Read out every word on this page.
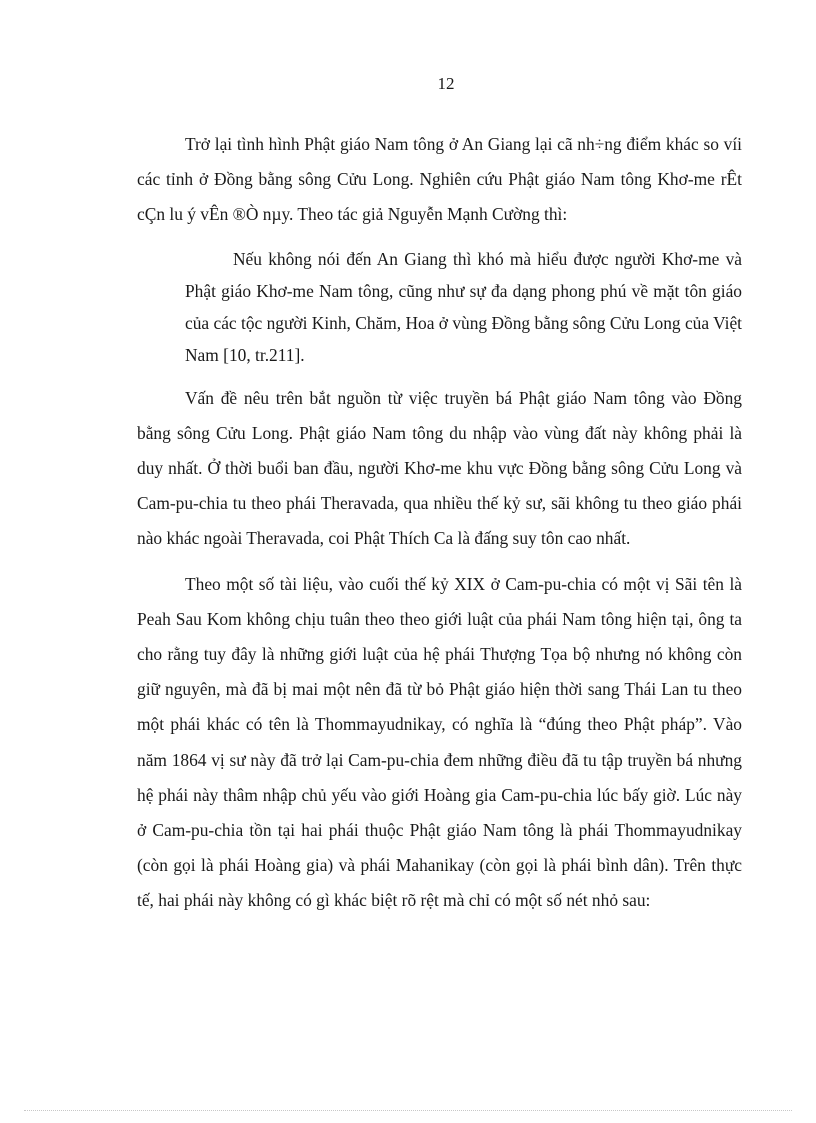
12

Trở lại tình hình Phật giáo Nam tông ở An Giang lại cã nh÷ng điểm khác so víi các tỉnh ở Đồng bằng sông Cửu Long. Nghiên cứu Phật giáo Nam tông Khơ-me rÊt cÇn lu ý vÊn ®Ò nµy. Theo tác giả Nguyễn Mạnh Cường thì:

Nếu không nói đến An Giang thì khó mà hiểu được người Khơ-me và Phật giáo Khơ-me Nam tông, cũng như sự đa dạng phong phú về mặt tôn giáo của các tộc người Kinh, Chăm, Hoa ở vùng Đồng bằng sông Cửu Long của Việt Nam [10, tr.211].

Vấn đề nêu trên bắt nguồn từ việc truyền bá Phật giáo Nam tông vào Đồng bằng sông Cửu Long. Phật giáo Nam tông du nhập vào vùng đất này không phải là duy nhất. Ở thời buổi ban đầu, người Khơ-me khu vực Đồng bằng sông Cửu Long và Cam-pu-chia tu theo phái Theravada, qua nhiều thế kỷ sư, sãi không tu theo giáo phái nào khác ngoài Theravada, coi Phật Thích Ca là đấng suy tôn cao nhất.

Theo một số tài liệu, vào cuối thế kỷ XIX ở Cam-pu-chia có một vị Sãi tên là Peah Sau Kom không chịu tuân theo theo giới luật của phái Nam tông hiện tại, ông ta cho rằng tuy đây là những giới luật của hệ phái Thượng Tọa bộ nhưng nó không còn giữ nguyên, mà đã bị mai một nên đã từ bỏ Phật giáo hiện thời sang Thái Lan tu theo một phái khác có tên là Thommayudnikay, có nghĩa là “đúng theo Phật pháp”. Vào năm 1864 vị sư này đã trở lại Cam-pu-chia đem những điều đã tu tập truyền bá nhưng hệ phái này thâm nhập chủ yếu vào giới Hoàng gia Cam-pu-chia lúc bấy giờ. Lúc này ở Cam-pu-chia tồn tại hai phái thuộc Phật giáo Nam tông là phái Thommayudnikay (còn gọi là phái Hoàng gia) và phái Mahanikay (còn gọi là phái bình dân). Trên thực tế, hai phái này không có gì khác biệt rõ rệt mà chỉ có một số nét nhỏ sau:
